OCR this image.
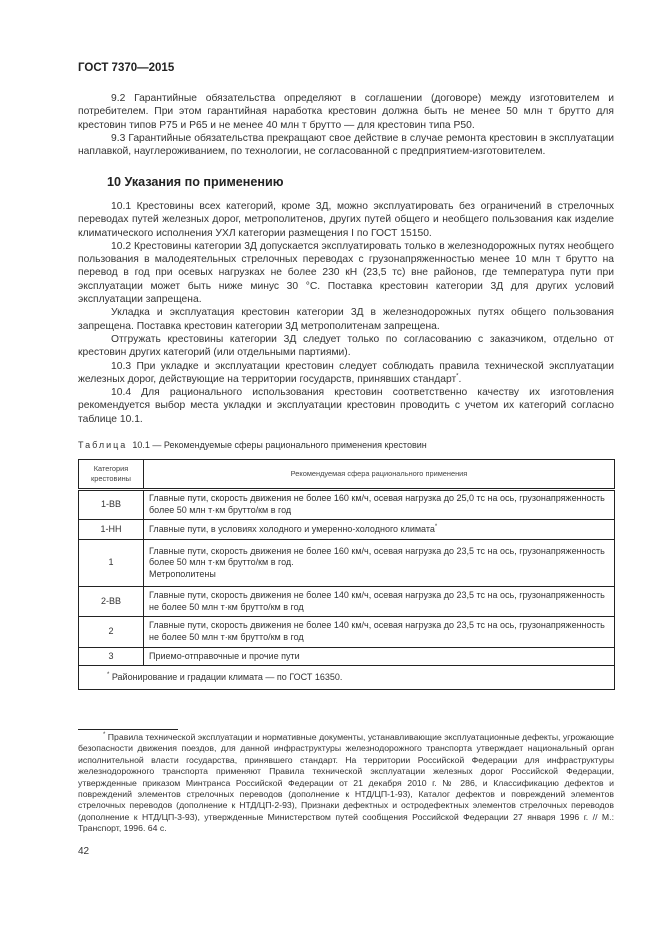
ГОСТ 7370—2015

9.2 Гарантийные обязательства определяют в соглашении (договоре) между изготовителем и потребителем. При этом гарантийная наработка крестовин должна быть не менее 50 млн т брутто для крестовин типов Р75 и Р65 и не менее 40 млн т брутто — для крестовин типа Р50.

9.3 Гарантийные обязательства прекращают свое действие в случае ремонта крестовин в эксплуатации наплавкой, науглероживанием, по технологии, не согласованной с предприятием-изготовителем.

10 Указания по применению

10.1 Крестовины всех категорий, кроме 3Д, можно эксплуатировать без ограничений в стрелочных переводах путей железных дорог, метрополитенов, других путей общего и необщего пользования как изделие климатического исполнения УХЛ категории размещения I по ГОСТ 15150.

10.2 Крестовины категории 3Д допускается эксплуатировать только в железнодорожных путях необщего пользования в малодеятельных стрелочных переводах с грузонапряженностью менее 10 млн т брутто на перевод в год при осевых нагрузках не более 230 кН (23,5 тс) вне районов, где температура пути при эксплуатации может быть ниже минус 30 °С. Поставка крестовин категории 3Д для других условий эксплуатации запрещена.

Укладка и эксплуатация крестовин категории 3Д в железнодорожных путях общего пользования запрещена. Поставка крестовин категории 3Д метрополитенам запрещена.

Отгружать крестовины категории 3Д следует только по согласованию с заказчиком, отдельно от крестовин других категорий (или отдельными партиями).

10.3 При укладке и эксплуатации крестовин следует соблюдать правила технической эксплуатации железных дорог, действующие на территории государств, принявших стандарт*.

10.4 Для рационального использования крестовин соответственно качеству их изготовления рекомендуется выбор места укладки и эксплуатации крестовин проводить с учетом их категорий согласно таблице 10.1.

Таблица 10.1 — Рекомендуемые сферы рационального применения крестовин
Категория крестовины	Рекомендуемая сфера рационального применения
1-ВВ	Главные пути, скорость движения не более 160 км/ч, осевая нагрузка до 25,0 тс на ось, грузонапряженность более 50 млн т·км брутто/км в год
1-НН	Главные пути, в условиях холодного и умеренно-холодного климата*
1	Главные пути, скорость движения не более 160 км/ч, осевая нагрузка до 23,5 тс на ось, грузонапряженность более 50 млн т·км брутто/км в год.
Метрополитены
2-ВВ	Главные пути, скорость движения не более 140 км/ч, осевая нагрузка до 23,5 тс на ось, грузонапряженность не более 50 млн т·км брутто/км в год
2	Главные пути, скорость движения не более 140 км/ч, осевая нагрузка до 23,5 тс на ось, грузонапряженность не более 50 млн т·км брутто/км в год
3	Приемо-отправочные и прочие пути
* Районирование и градации климата — по ГОСТ 16350.	

* Правила технической эксплуатации и нормативные документы, устанавливающие эксплуатационные дефекты, угрожающие безопасности движения поездов, для данной инфраструктуры железнодорожного транспорта утверждает национальный орган исполнительной власти государства, принявшего стандарт. На территории Российской Федерации для инфраструктуры железнодорожного транспорта применяют Правила технической эксплуатации железных дорог Российской Федерации, утвержденные приказом Минтранса Российской Федерации от 21 декабря 2010 г. № 286, и Классификацию дефектов и повреждений элементов стрелочных переводов (дополнение к НТД/ЦП-1-93), Каталог дефектов и повреждений элементов стрелочных переводов (дополнение к НТД/ЦП-2-93), Признаки дефектных и остродефектных элементов стрелочных переводов (дополнение к НТД/ЦП-3-93), утвержденные Министерством путей сообщения Российской Федерации 27 января 1996 г. // М.: Транспорт, 1996. 64 с.

42
